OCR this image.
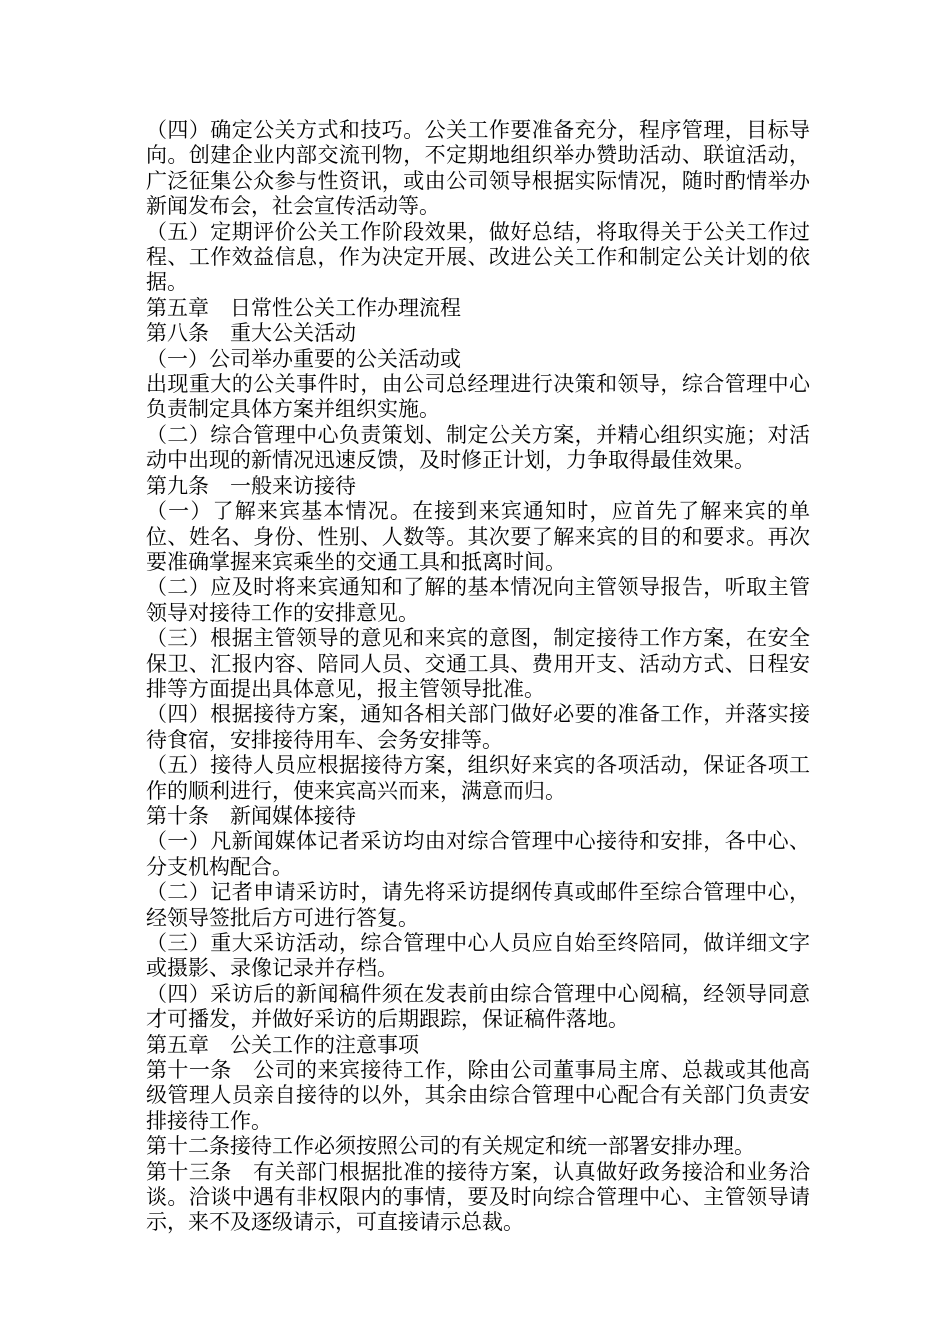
（四）确定公关方式和技巧。公关工作要准备充分，程序管理，目标导向。创建企业内部交流刊物，不定期地组织举办赞助活动、联谊活动，广泛征集公众参与性资讯，或由公司领导根据实际情况，随时酌情举办新闻发布会，社会宣传活动等。

（五）定期评价公关工作阶段效果，做好总结，将取得关于公关工作过程、工作效益信息，作为决定开展、改进公关工作和制定公关计划的依据。

第五章　日常性公关工作办理流程

第八条　重大公关活动

（一）公司举办重要的公关活动或

出现重大的公关事件时，由公司总经理进行决策和领导，综合管理中心负责制定具体方案并组织实施。

（二）综合管理中心负责策划、制定公关方案，并精心组织实施；对活动中出现的新情况迅速反馈，及时修正计划，力争取得最佳效果。

第九条　一般来访接待

（一）了解来宾基本情况。在接到来宾通知时，应首先了解来宾的单位、姓名、身份、性别、人数等。其次要了解来宾的目的和要求。再次要准确掌握来宾乘坐的交通工具和抵离时间。

（二）应及时将来宾通知和了解的基本情况向主管领导报告，听取主管领导对接待工作的安排意见。

（三）根据主管领导的意见和来宾的意图，制定接待工作方案，在安全保卫、汇报内容、陪同人员、交通工具、费用开支、活动方式、日程安排等方面提出具体意见，报主管领导批准。

（四）根据接待方案，通知各相关部门做好必要的准备工作，并落实接待食宿，安排接待用车、会务安排等。

（五）接待人员应根据接待方案，组织好来宾的各项活动，保证各项工作的顺利进行，使来宾高兴而来，满意而归。

第十条　新闻媒体接待

（一）凡新闻媒体记者采访均由对综合管理中心接待和安排，各中心、分支机构配合。

（二）记者申请采访时，请先将采访提纲传真或邮件至综合管理中心，经领导签批后方可进行答复。

（三）重大采访活动，综合管理中心人员应自始至终陪同，做详细文字或摄影、录像记录并存档。

（四）采访后的新闻稿件须在发表前由综合管理中心阅稿，经领导同意才可播发，并做好采访的后期跟踪，保证稿件落地。

第五章　公关工作的注意事项

第十一条　公司的来宾接待工作，除由公司董事局主席、总裁或其他高级管理人员亲自接待的以外，其余由综合管理中心配合有关部门负责安排接待工作。

第十二条接待工作必须按照公司的有关规定和统一部署安排办理。

第十三条　有关部门根据批准的接待方案，认真做好政务接洽和业务洽谈。洽谈中遇有非权限内的事情，要及时向综合管理中心、主管领导请示，来不及逐级请示，可直接请示总裁。
